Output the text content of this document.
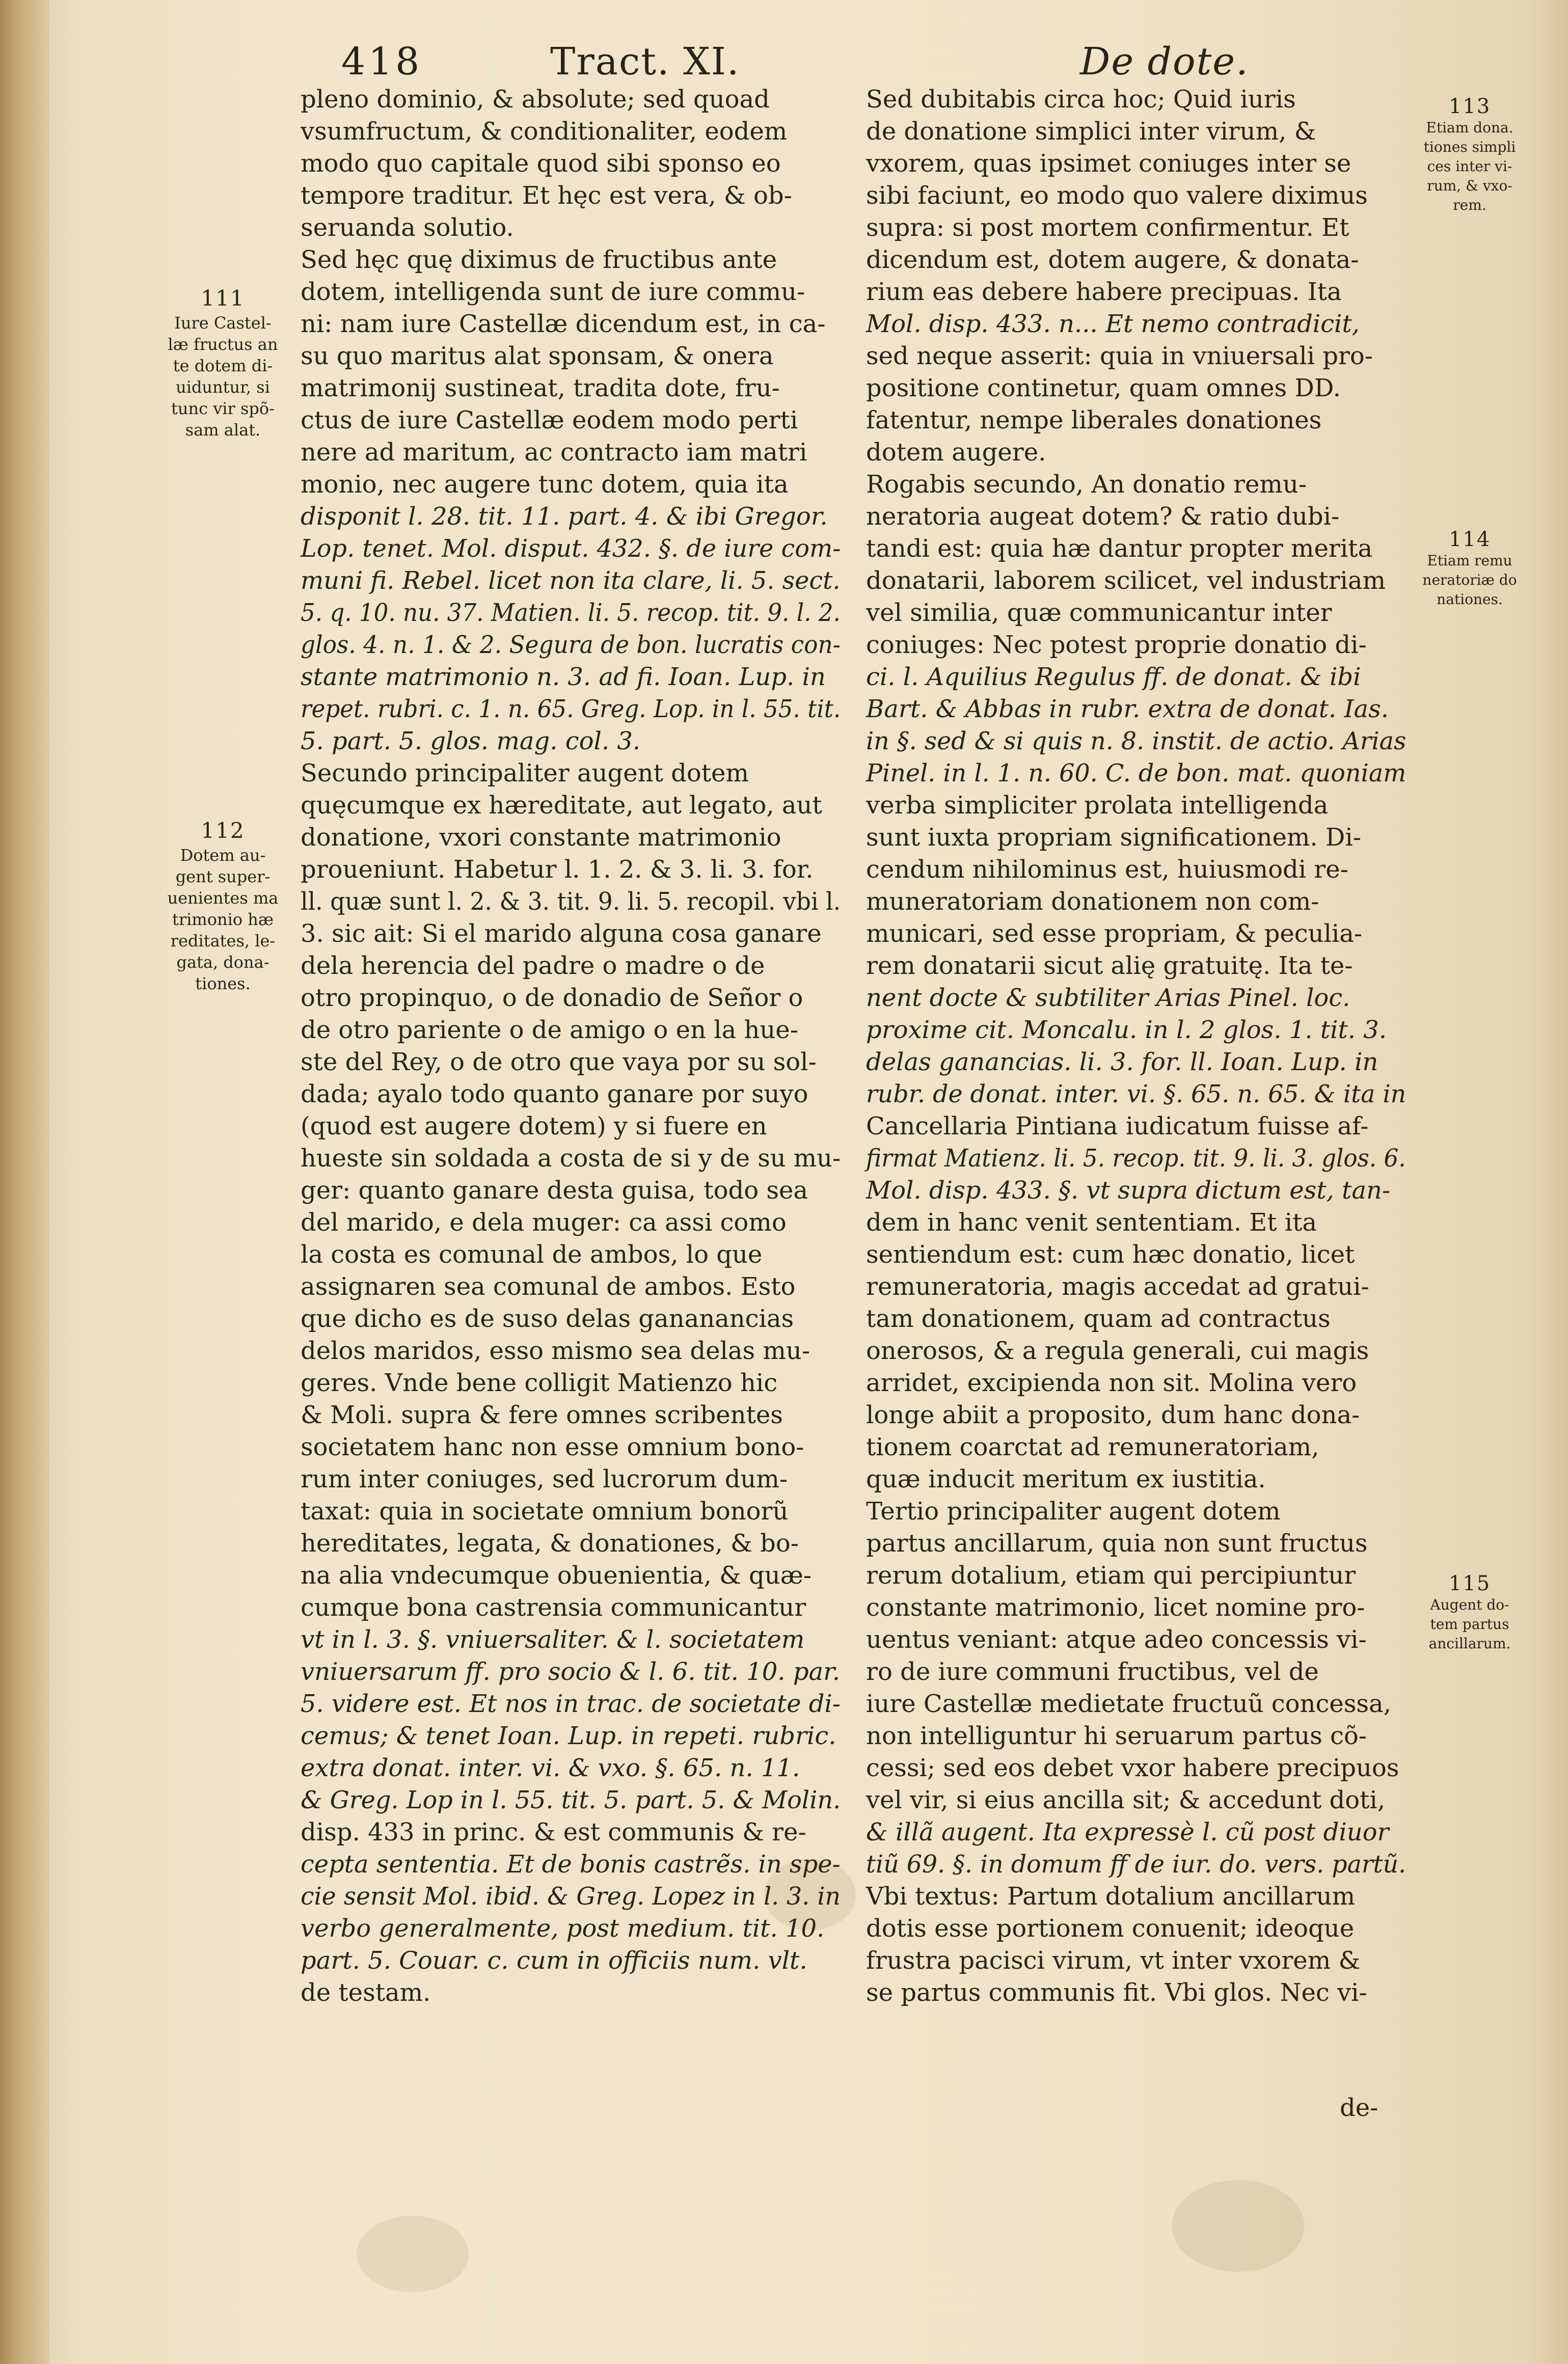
418	Tract. XI.	De dote.
pleno dominio, & absolute; sed quoad
vsumfructum, & conditionaliter, eodem
modo quo capitale quod sibi sponso eo
tempore traditur. Et hęc est vera, & ob-
seruanda solutio.
Sed hęc quę diximus de fructibus ante
dotem, intelligenda sunt de iure commu-
ni: nam iure Castellæ dicendum est, in ca-
su quo maritus alat sponsam, & onera
matrimonij sustineat, tradita dote, fru-
ctus de iure Castellæ eodem modo perti
nere ad maritum, ac contracto iam matri
monio, nec augere tunc dotem, quia ita
disponit l. 28. tit. 11. part. 4. & ibi Gregor.
Lop. tenet. Mol. disput. 432. §. de iure com-
muni fi. Rebel. licet non ita clare, li. 5. sect.
5. q. 10. nu. 37. Matien. li. 5. recop. tit. 9. l. 2.
glos. 4. n. 1. & 2. Segura de bon. lucratis con-
stante matrimonio n. 3. ad fi. Ioan. Lup. in
repet. rubri. c. 1. n. 65. Greg. Lop. in l. 55. tit.
5. part. 5. glos. mag. col. 3.
Secundo principaliter augent dotem
quęcumque ex hæreditate, aut legato, aut
donatione, vxori constante matrimonio
proueniunt. Habetur l. 1. 2. & 3. li. 3. for.
ll. quæ sunt l. 2. & 3. tit. 9. li. 5. recopil. vbi l.
3. sic ait: Si el marido alguna cosa ganare
dela herencia del padre o madre o de
otro propinquo, o de donadio de Señor o
de otro pariente o de amigo o en la hue-
ste del Rey, o de otro que vaya por su sol-
dada; ayalo todo quanto ganare por suyo
(quod est augere dotem) y si fuere en
hueste sin soldada a costa de si y de su mu-
ger: quanto ganare desta guisa, todo sea
del marido, e dela muger: ca assi como
la costa es comunal de ambos, lo que
assignaren sea comunal de ambos. Esto
que dicho es de suso delas gananancias
delos maridos, esso mismo sea delas mu-
geres. Vnde bene colligit Matienzo hic
& Moli. supra & fere omnes scribentes
societatem hanc non esse omnium bono-
rum inter coniuges, sed lucrorum dum-
taxat: quia in societate omnium bonorũ
hereditates, legata, & donationes, & bo-
na alia vndecumque obuenientia, & quæ-
cumque bona castrensia communicantur
vt in l. 3. §. vniuersaliter. & l. societatem
vniuersarum ff. pro socio & l. 6. tit. 10. par.
5. videre est. Et nos in trac. de societate di-
cemus; & tenet Ioan. Lup. in repeti. rubric.
extra donat. inter. vi. & vxo. §. 65. n. 11.
& Greg. Lop in l. 55. tit. 5. part. 5. & Molin.
disp. 433 in princ. & est communis & re-
cepta sententia. Et de bonis castrẽs. in spe-
cie sensit Mol. ibid. & Greg. Lopez in l. 3. in
verbo generalmente, post medium. tit. 10.
part. 5. Couar. c. cum in officiis num. vlt.
de testam.
Sed dubitabis circa hoc; Quid iuris
de donatione simplici inter virum, &
vxorem, quas ipsimet coniuges inter se
sibi faciunt, eo modo quo valere diximus
supra: si post mortem confirmentur. Et
dicendum est, dotem augere, & donata-
rium eas debere habere precipuas. Ita
Mol. disp. 433. n... Et nemo contradicit,
sed neque asserit: quia in vniuersali pro-
positione continetur, quam omnes DD.
fatentur, nempe liberales donationes
dotem augere.
Rogabis secundo, An donatio remu-
neratoria augeat dotem? & ratio dubi-
tandi est: quia hæ dantur propter merita
donatarii, laborem scilicet, vel industriam
vel similia, quæ communicantur inter
coniuges: Nec potest proprie donatio di-
ci. l. Aquilius Regulus ff. de donat. & ibi
Bart. & Abbas in rubr. extra de donat. Ias.
in §. sed & si quis n. 8. instit. de actio. Arias
Pinel. in l. 1. n. 60. C. de bon. mat. quoniam
verba simpliciter prolata intelligenda
sunt iuxta propriam significationem. Di-
cendum nihilominus est, huiusmodi re-
muneratoriam donationem non com-
municari, sed esse propriam, & peculia-
rem donatarii sicut alię gratuitę. Ita te-
nent docte & subtiliter Arias Pinel. loc.
proxime cit. Moncalu. in l. 2 glos. 1. tit. 3.
delas ganancias. li. 3. for. ll. Ioan. Lup. in
rubr. de donat. inter. vi. §. 65. n. 65. & ita in
Cancellaria Pintiana iudicatum fuisse af-
firmat Matienz. li. 5. recop. tit. 9. li. 3. glos. 6.
Mol. disp. 433. §. vt supra dictum est, tan-
dem in hanc venit sententiam. Et ita
sentiendum est: cum hæc donatio, licet
remuneratoria, magis accedat ad gratui-
tam donationem, quam ad contractus
onerosos, & a regula generali, cui magis
arridet, excipienda non sit. Molina vero
longe abiit a proposito, dum hanc dona-
tionem coarctat ad remuneratoriam,
quæ inducit meritum ex iustitia.
Tertio principaliter augent dotem
partus ancillarum, quia non sunt fructus
rerum dotalium, etiam qui percipiuntur
constante matrimonio, licet nomine pro-
uentus veniant: atque adeo concessis vi-
ro de iure communi fructibus, vel de
iure Castellæ medietate fructuũ concessa,
non intelliguntur hi seruarum partus cõ-
cessi; sed eos debet vxor habere precipuos
vel vir, si eius ancilla sit; & accedunt doti,
& illã augent. Ita expressè l. cũ post diuor
tiũ 69. §. in domum ff de iur. do. vers. partũ.
Vbi textus: Partum dotalium ancillarum
dotis esse portionem conuenit; ideoque
frustra pacisci virum, vt inter vxorem &
se partus communis fit. Vbi glos. Nec vi-
111
Iure Castel-
læ fructus an
te dotem di-
uiduntur, si
tunc vir spõ-
sam alat.
112
Dotem au-
gent super-
uenientes ma
trimonio hæ
reditates, le-
gata, dona-
tiones.
113
Etiam dona.
tiones simpli
ces inter vi-
rum, & vxo-
rem.
114
Etiam remu
neratoriæ do
nationes.
115
Augent do-
tem partus
ancillarum.
de-
